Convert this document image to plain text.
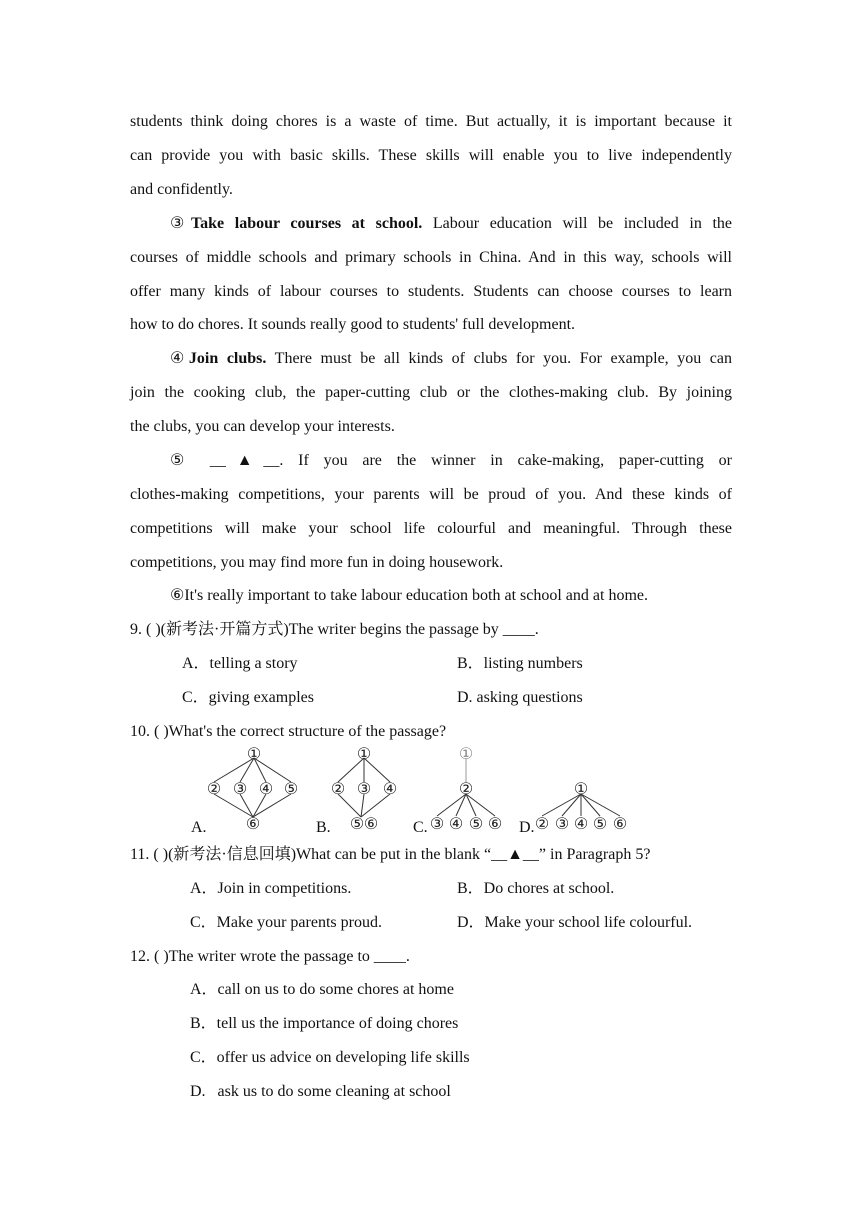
students think doing chores is a waste of time. But actually, it is important because it
can provide you with basic skills. These skills will enable you to live independently
and confidently.
③Take labour courses at school. Labour education will be included in the
courses of middle schools and primary schools in China. And in this way, schools will
offer many kinds of labour courses to students. Students can choose courses to learn
how to do chores. It sounds really good to students' full development.
④Join clubs. There must be all kinds of clubs for you. For example, you can
join the cooking club, the paper-cutting club or the clothes-making club. By joining
the clubs, you can develop your interests.
⑤ __▲__. If you are the winner in cake-making, paper-cutting or
clothes-making competitions, your parents will be proud of you. And these kinds of
competitions will make your school life colourful and meaningful. Through these
competitions, you may find more fun in doing housework.
⑥It's really important to take labour education both at school and at home.
9. ( )(新考法·开篇方式)The writer begins the passage by ____.
A．telling a story	B．listing numbers
C．giving examples	D. asking questions
10. ( )What's the correct structure of the passage?
①
② ③ ④ ⑤
⑥
①
② ③ ④
⑤ ⑥
①
②
③ ④ ⑤ ⑥
①
② ③ ④ ⑤ ⑥
A.	B.	C.	D.
11. ( )(新考法·信息回填)What can be put in the blank “__▲__” in Paragraph 5?
A．Join in competitions.	B．Do chores at school.
C．Make your parents proud.	D．Make your school life colourful.
12. ( )The writer wrote the passage to ____.
A．call on us to do some chores at home
B．tell us the importance of doing chores
C．offer us advice on developing life skills
D.   ask us to do some cleaning at school
